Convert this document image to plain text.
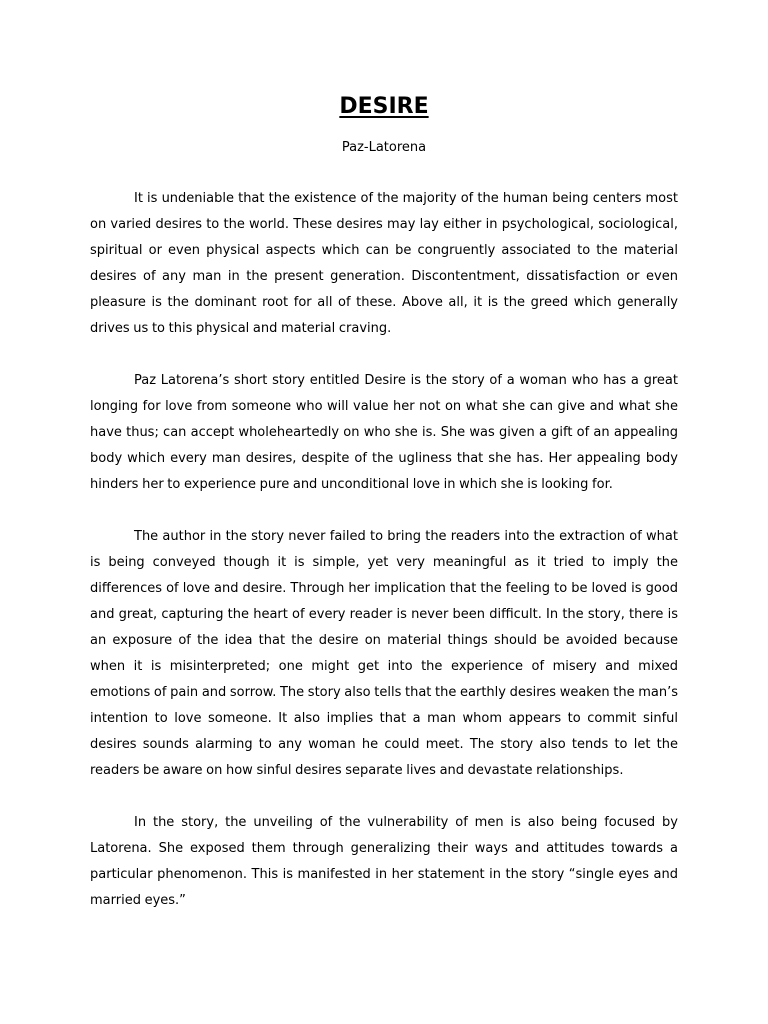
DESIRE
Paz-Latorena

It is undeniable that the existence of the majority of the human being centers most on varied desires to the world. These desires may lay either in psychological, sociological, spiritual or even physical aspects which can be congruently associated to the material desires of any man in the present generation. Discontentment, dissatisfaction or even pleasure is the dominant root for all of these. Above all, it is the greed which generally drives us to this physical and material craving.

Paz Latorena’s short story entitled Desire is the story of a woman who has a great longing for love from someone who will value her not on what she can give and what she have thus; can accept wholeheartedly on who she is. She was given a gift of an appealing body which every man desires, despite of the ugliness that she has. Her appealing body hinders her to experience pure and unconditional love in which she is looking for.

The author in the story never failed to bring the readers into the extraction of what is being conveyed though it is simple, yet very meaningful as it tried to imply the differences of love and desire. Through her implication that the feeling to be loved is good and great, capturing the heart of every reader is never been difficult. In the story, there is an exposure of the idea that the desire on material things should be avoided because when it is misinterpreted; one might get into the experience of misery and mixed emotions of pain and sorrow. The story also tells that the earthly desires weaken the man’s intention to love someone. It also implies that a man whom appears to commit sinful desires sounds alarming to any woman he could meet. The story also tends to let the readers be aware on how sinful desires separate lives and devastate relationships.

In the story, the unveiling of the vulnerability of men is also being focused by Latorena. She exposed them through generalizing their ways and attitudes towards a particular phenomenon. This is manifested in her statement in the story “single eyes and married eyes.”
